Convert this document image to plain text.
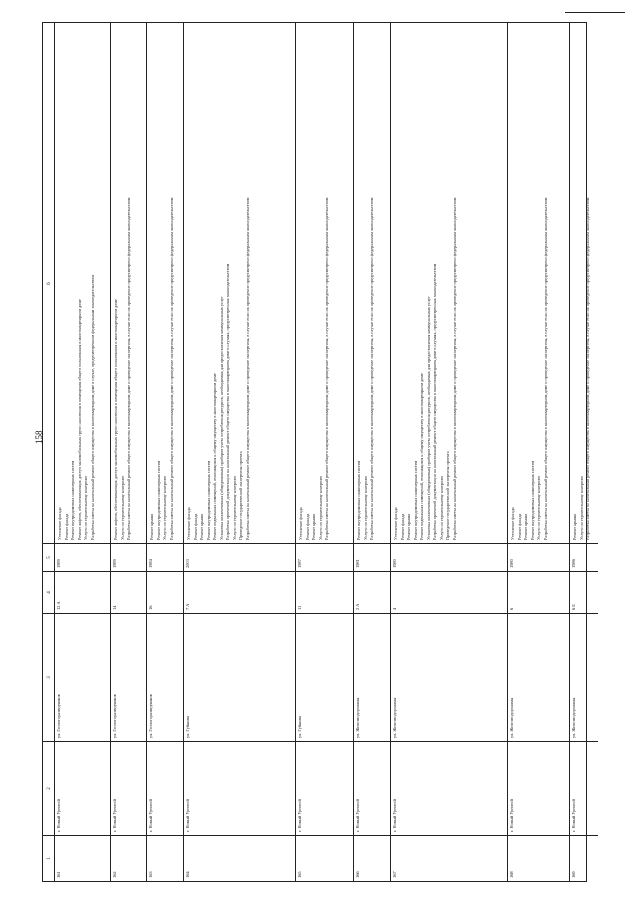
158
1
2
3
4
5
6
161
г. Новый Уренгой
ул. Геологоразведчиков
12 А
1989
Утепление фасада Ремонт фасада Ремонт внутридомовых инженерных систем Ремонт лифтов, обеспечивающих доступ маломобильных групп населения в помещения общего пользования в многоквартирном доме Услуги по строительному контролю Разработка сметы на капитальный ремонт общего имущества в многоквартирном доме в случае, предусмотренном федеральным законодательством
162
г. Новый Уренгой
ул. Геологоразведчиков
14
1989
Ремонт лифтов, обеспечивающих доступ маломобильных групп населения в помещения общего пользования в многоквартирном доме Услуги по строительному контролю Разработка сметы на капитальный ремонт общего имущества в многоквартирном доме и проведение экспертизы, в случае если их проведение предусмотрено федеральным законодательством
163
г. Новый Уренгой
ул. Геологоразведчиков
16
1984
Ремонт крыши Ремонт внутридомовых инженерных систем Услуги по строительному контролю Разработка сметы на капитальный ремонт общего имущества в многоквартирном доме и проведение экспертизы, в случае если их проведение предусмотрено федеральным законодательством
164
г. Новый Уренгой
ул. Губкина
7 А
2003
Утепление фасада Ремонт фасада Ремонт крыши Ремонт внутридомовых инженерных систем Ремонт подвальных помещений, относящихся к общему имуществу в многоквартирном доме Установка коллективных (общедомовых) приборов учета потребления ресурсов, необходимых для предоставления коммунальных услуг Разработка проектной документации на капитальный ремонт общего имущества в многоквартирном доме в случаях, предусмотренных законодательством Услуги по строительному контролю Проведение государственной экспертизы проекта Разработка сметы на капитальный ремонт общего имущества в многоквартирном доме и проведение экспертизы, в случае если их проведение предусмотрено федеральным законодательством
165
г. Новый Уренгой
ул. Губкина
11
1987
Утепление фасада Ремонт фасада Ремонт крыши Услуги по строительному контролю Разработка сметы на капитальный ремонт общего имущества в многоквартирном доме и проведение экспертизы, в случае если их проведение предусмотрено федеральным законодательством
166
г. Новый Уренгой
ул. Железнодорожная
2 А
1981
Ремонт внутридомовых инженерных систем Услуги по строительному контролю Разработка сметы на капитальный ремонт общего имущества в многоквартирном доме и проведение экспертизы, в случае если их проведение предусмотрено федеральным законодательством
167
г. Новый Уренгой
ул. Железнодорожная
4
1980
Утепление фасада Ремонт фасада Ремонт крыши Ремонт внутридомовых инженерных систем Ремонт подвальных помещений, относящихся к общему имуществу в многоквартирном доме Установка коллективных (общедомовых) приборов учета потребления ресурсов, необходимых для предоставления коммунальных услуг Разработка проектной документации на капитальный ремонт общего имущества в многоквартирном доме в случаях, предусмотренных законодательством Услуги по строительному контролю Проведение государственной экспертизы проекта Разработка сметы на капитальный ремонт общего имущества в многоквартирном доме и проведение экспертизы, в случае если их проведение предусмотрено федеральным законодательством
168
г. Новый Уренгой
ул. Железнодорожная
6
1980
Утепление фасада Ремонт фасада Ремонт крыши Ремонт внутридомовых инженерных систем Услуги по строительному контролю Разработка сметы на капитальный ремонт общего имущества в многоквартирном доме и проведение экспертизы, в случае если их проведение предусмотрено федеральным законодательством
169
г. Новый Уренгой
ул. Железнодорожная
6 Б
1986
Ремонт крыши Услуги по строительному контролю Разработка сметы на капитальный ремонт общего имущества в многоквартирном доме и проведение экспертизы, в случае если их проведение предусмотрено федеральным законодательством
